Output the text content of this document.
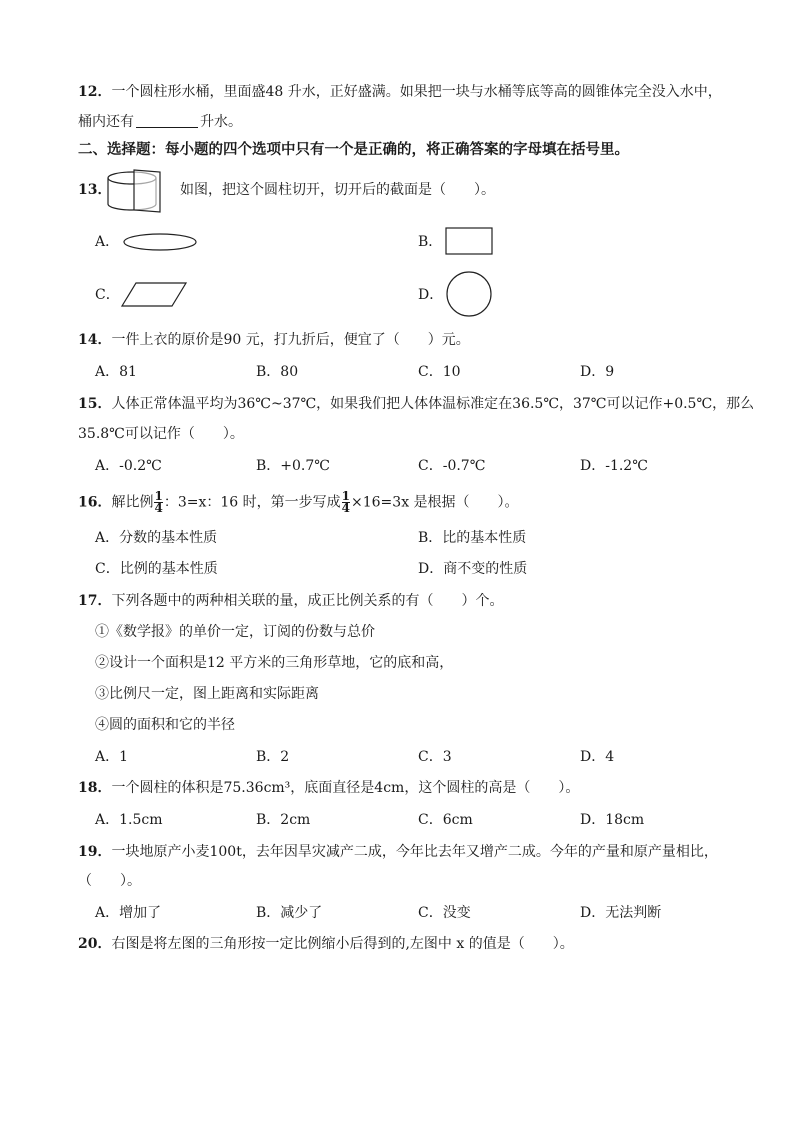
12．一个圆柱形水桶，里面盛48 升水，正好盛满。如果把一块与水桶等底等高的圆锥体完全没入水中，
桶内还有	升水。
二、选择题：每小题的四个选项中只有一个是正确的，将正确答案的字母填在括号里。
13．	如图，把这个圆柱切开，切开后的截面是（　　）。
A．	B．
C．	D．
14．一件上衣的原价是90 元，打九折后，便宜了（　　）元。
A．81	B．80	C．10	D．9
15．人体正常体温平均为36℃~37℃，如果我们把人体体温标准定在36.5℃，37℃可以记作+0.5℃，那么
35.8℃可以记作（　　）。
A．-0.2℃	B．+0.7℃	C．-0.7℃	D．-1.2℃
16．解比例 $\frac{1}{4}$ ：3=x：16 时，第一步写成 $\frac{1}{4} \times 16=3x$ 是根据（　　）。
A．分数的基本性质	B．比的基本性质
C．比例的基本性质	D．商不变的性质
17．下列各题中的两种相关联的量，成正比例关系的有（　　）个。
①《数学报》的单价一定，订阅的份数与总价
②设计一个面积是12 平方米的三角形草地，它的底和高，
③比例尺一定，图上距离和实际距离
④圆的面积和它的半径
A．1	B．2	C．3	D．4
18．一个圆柱的体积是75.36cm³，底面直径是4cm，这个圆柱的高是（　　）。
A．1.5cm	B．2cm	C．6cm	D．18cm
19．一块地原产小麦100t，去年因旱灾减产二成，今年比去年又增产二成。今年的产量和原产量相比，
（　　）。
A．增加了	B．减少了	C．没变	D．无法判断
20．右图是将左图的三角形按一定比例缩小后得到的,左图中 x 的值是（　　）。
